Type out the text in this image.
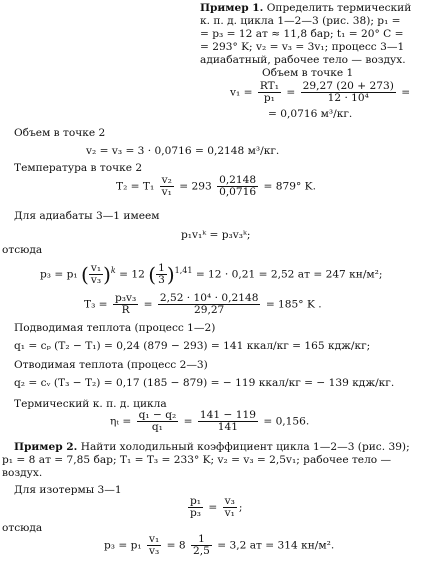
Пример 1. Определить термический
к. п. д. цикла 1—2—3 (рис. 38); p₁ =
= p₃ = 12 ат ≈ 11,8 бар; t₁ = 20° C =
= 293° K; v₂ = v₃ = 3v₁; процесс 3—1
адиабатный, рабочее тело — воздух.
Объем в точке 1
$v_1 = \frac{\text{RT₁}}{\text{p₁}} = \frac{29,27 (20 + 273)}{\text{12 · 10⁴}}$ =
= 0,0716 м³/кг.
Объем в точке 2
v₂ = v₃ = 3 · 0,0716 = 0,2148 м³/кг.
Температура в точке 2
$T_2 = T_1 \frac{\text{v₂}}{\text{v₁}} = 293 \frac{0,2148}{0,0716} = 879^\circ$ K.
Для адиабаты 3—1 имеем
p₁v₁ᵏ = p₃v₃ᵏ;
отсюда
p₃ = p₁ ( $\frac{\text{v₁}}{\text{v₃}} )^k = 12$ ( $\frac{1}{3} )^{1,41} = 12 \cdot 0,21 = 2,52$ ат = 247 кн/м²;
$T_3 = \frac{\text{p₃v₃}}{R} = \frac{\text{2,52 · 10⁴ · 0,2148}}{29,27} = 185^\circ$ K .
Подводимая теплота (процесс 1—2)
q₁ = cₚ (T₂ − T₁) = 0,24 (879 − 293) = 141 ккал/кг = 165 кдж/кг;
Отводимая теплота (процесс 2—3)
q₂ = cᵥ (T₃ − T₂) = 0,17 (185 − 879) = − 119 ккал/кг = − 139 кдж/кг.
Термический к. п. д. цикла
$\eta_t = \frac{\text{q₁ − q₂}}{\text{q₁}} = \frac{141 - 119}{141} = 0,156$.
Пример 2. Найти холодильный коэффициент цикла 1—2—3 (рис. 39);
p₁ = 8 ат = 7,85 бар; T₁ = T₃ = 233° K; v₂ = v₃ = 2,5v₁; рабочее тело —
воздух.
Для изотермы 3—1
$\frac{\text{p₁}}{\text{p₃}} = \frac{\text{v₃}}{\text{v₁}}$ ;
отсюда
$p_3 = p_1 \frac{\text{v₁}}{\text{v₃}} = 8 \frac{1}{2,5} = 3,2$ ат = 314 кн/м².
